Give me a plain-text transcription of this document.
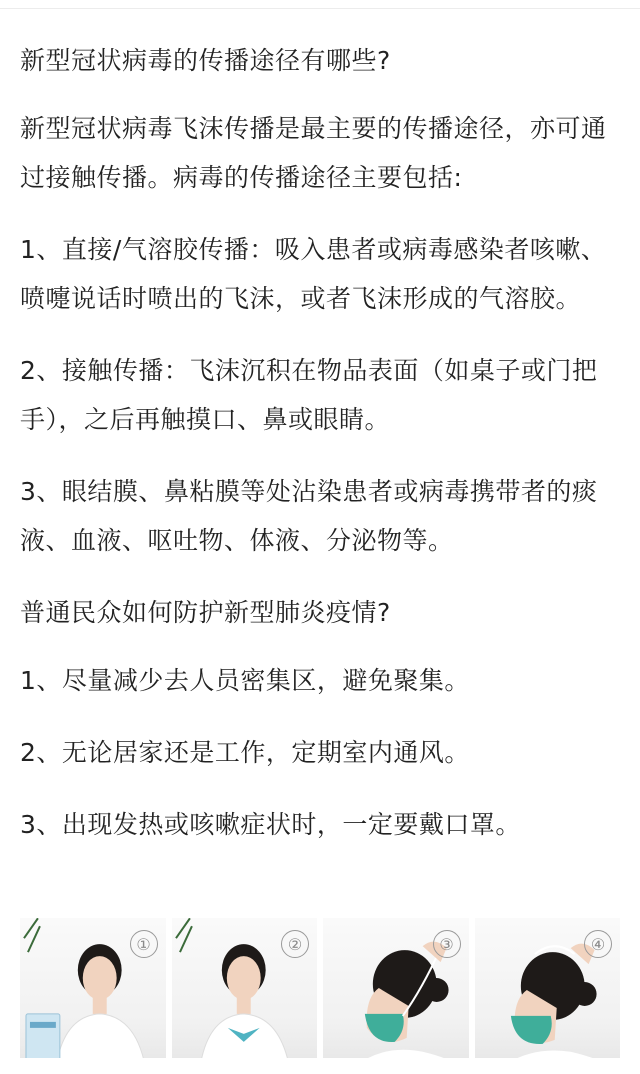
新型冠状病毒的传播途径有哪些?

新型冠状病毒飞沫传播是最主要的传播途径，亦可通过接触传播。病毒的传播途径主要包括:

1、直接/气溶胶传播：吸入患者或病毒感染者咳嗽、喷嚏说话时喷出的飞沫，或者飞沫形成的气溶胶。

2、接触传播：飞沫沉积在物品表面（如桌子或门把手），之后再触摸口、鼻或眼睛。

3、眼结膜、鼻粘膜等处沾染患者或病毒携带者的痰液、血液、呕吐物、体液、分泌物等。

普通民众如何防护新型肺炎疫情?

1、尽量减少去人员密集区，避免聚集。

2、无论居家还是工作，定期室内通风。

3、出现发热或咳嗽症状时，一定要戴口罩。

①	②	③	④
